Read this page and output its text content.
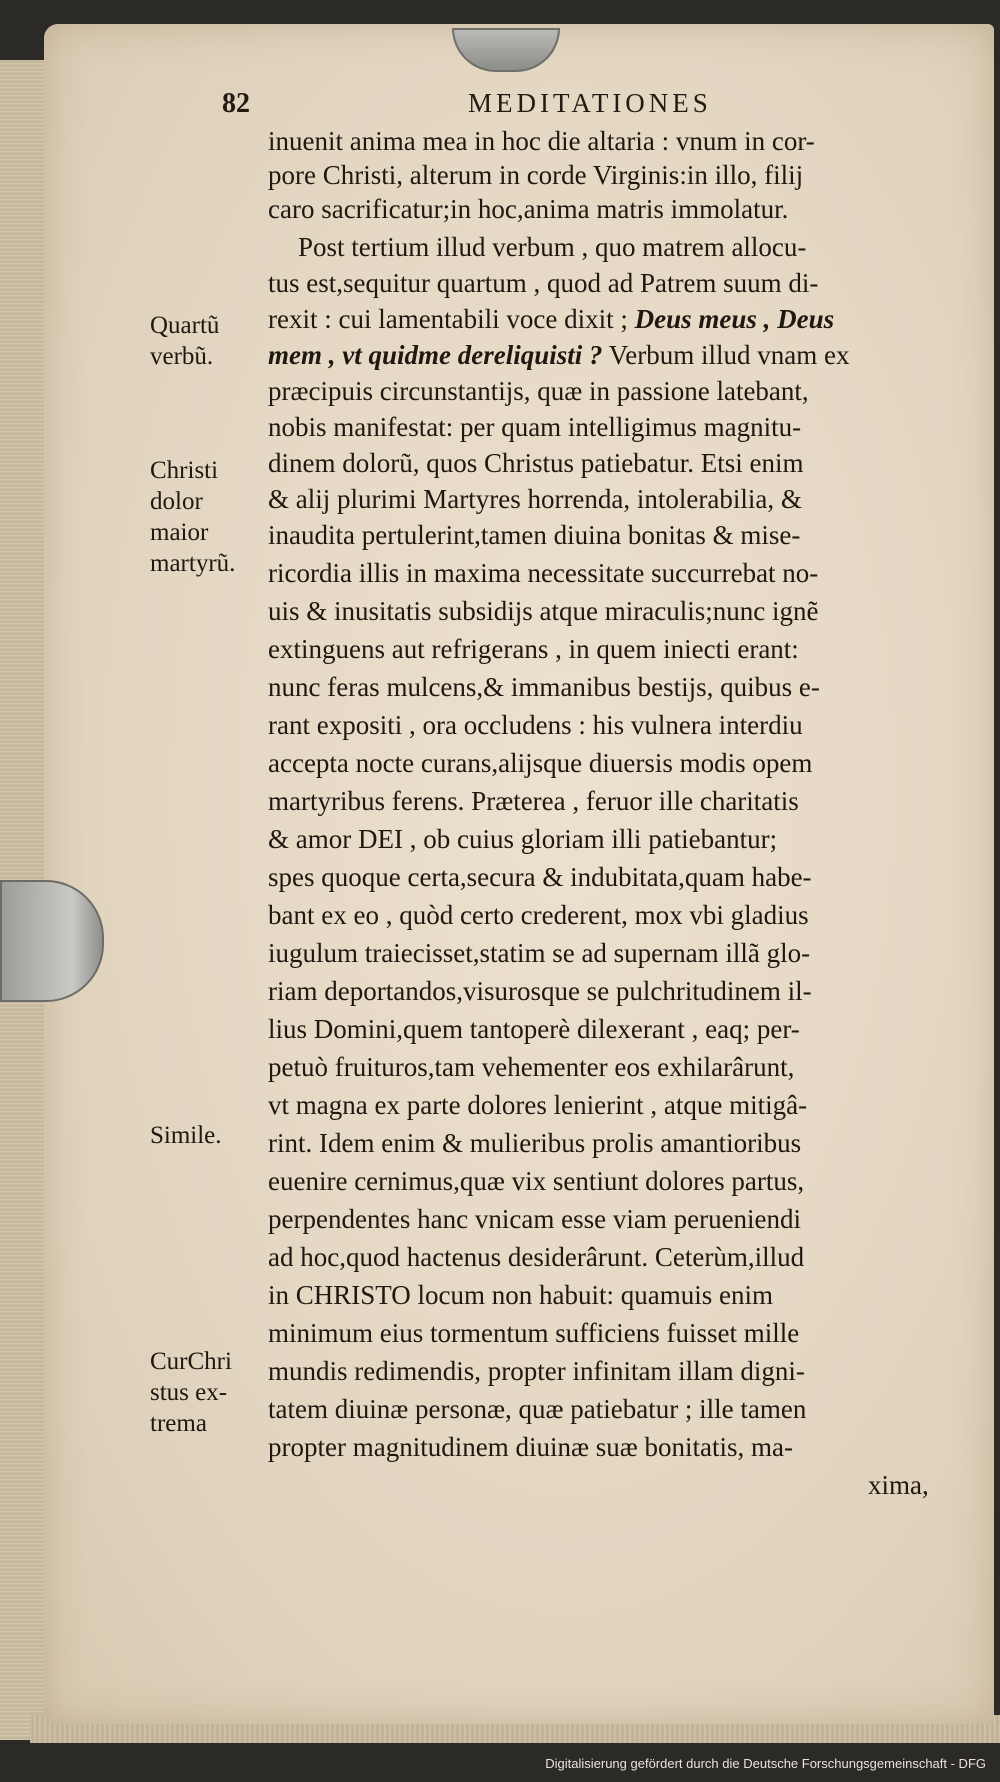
82	MEDITATIONES
Quartũ
verbũ.
Christi
dolor
maior
martyrũ.
Simile.
CurChri
stus ex-
trema
inuenit anima mea in hoc die altaria : vnum in cor-
pore Christi, alterum in corde Virginis:in illo, filij
caro sacrificatur;in hoc,anima matris immolatur.
Post tertium illud verbum , quo matrem allocu-
tus est,sequitur quartum , quod ad Patrem suum di-
rexit : cui lamentabili voce dixit ; Deus meus , Deus
mem , vt quidme dereliquisti ? Verbum illud vnam ex
præcipuis circunstantijs, quæ in passione latebant,
nobis manifestat: per quam intelligimus magnitu-
dinem dolorũ, quos Christus patiebatur. Etsi enim
& alij plurimi Martyres horrenda, intolerabilia, &
inaudita pertulerint,tamen diuina bonitas & mise-
ricordia illis in maxima necessitate succurrebat no-
uis & inusitatis subsidijs atque miraculis;nunc ignẽ
extinguens aut refrigerans , in quem iniecti erant:
nunc feras mulcens,& immanibus bestijs, quibus e-
rant expositi , ora occludens : his vulnera interdiu
accepta nocte curans,alijsque diuersis modis opem
martyribus ferens. Præterea , feruor ille charitatis
& amor DEI , ob cuius gloriam illi patiebantur;
spes quoque certa,secura & indubitata,quam habe-
bant ex eo , quòd certo crederent, mox vbi gladius
iugulum traiecisset,statim se ad supernam illã glo-
riam deportandos,visurosque se pulchritudinem il-
lius Domini,quem tantoperè dilexerant , eaq; per-
petuò fruituros,tam vehementer eos exhilarârunt,
vt magna ex parte dolores lenierint , atque mitigâ-
rint. Idem enim & mulieribus prolis amantioribus
euenire cernimus,quæ vix sentiunt dolores partus,
perpendentes hanc vnicam esse viam perueniendi
ad hoc,quod hactenus desiderârunt. Ceterùm,illud
in CHRISTO locum non habuit: quamuis enim
minimum eius tormentum sufficiens fuisset mille
mundis redimendis, propter infinitam illam digni-
tatem diuinæ personæ, quæ patiebatur ; ille tamen
propter magnitudinem diuinæ suæ bonitatis, ma-
xima,
Digitalisierung gefördert durch die Deutsche Forschungsgemeinschaft - DFG
